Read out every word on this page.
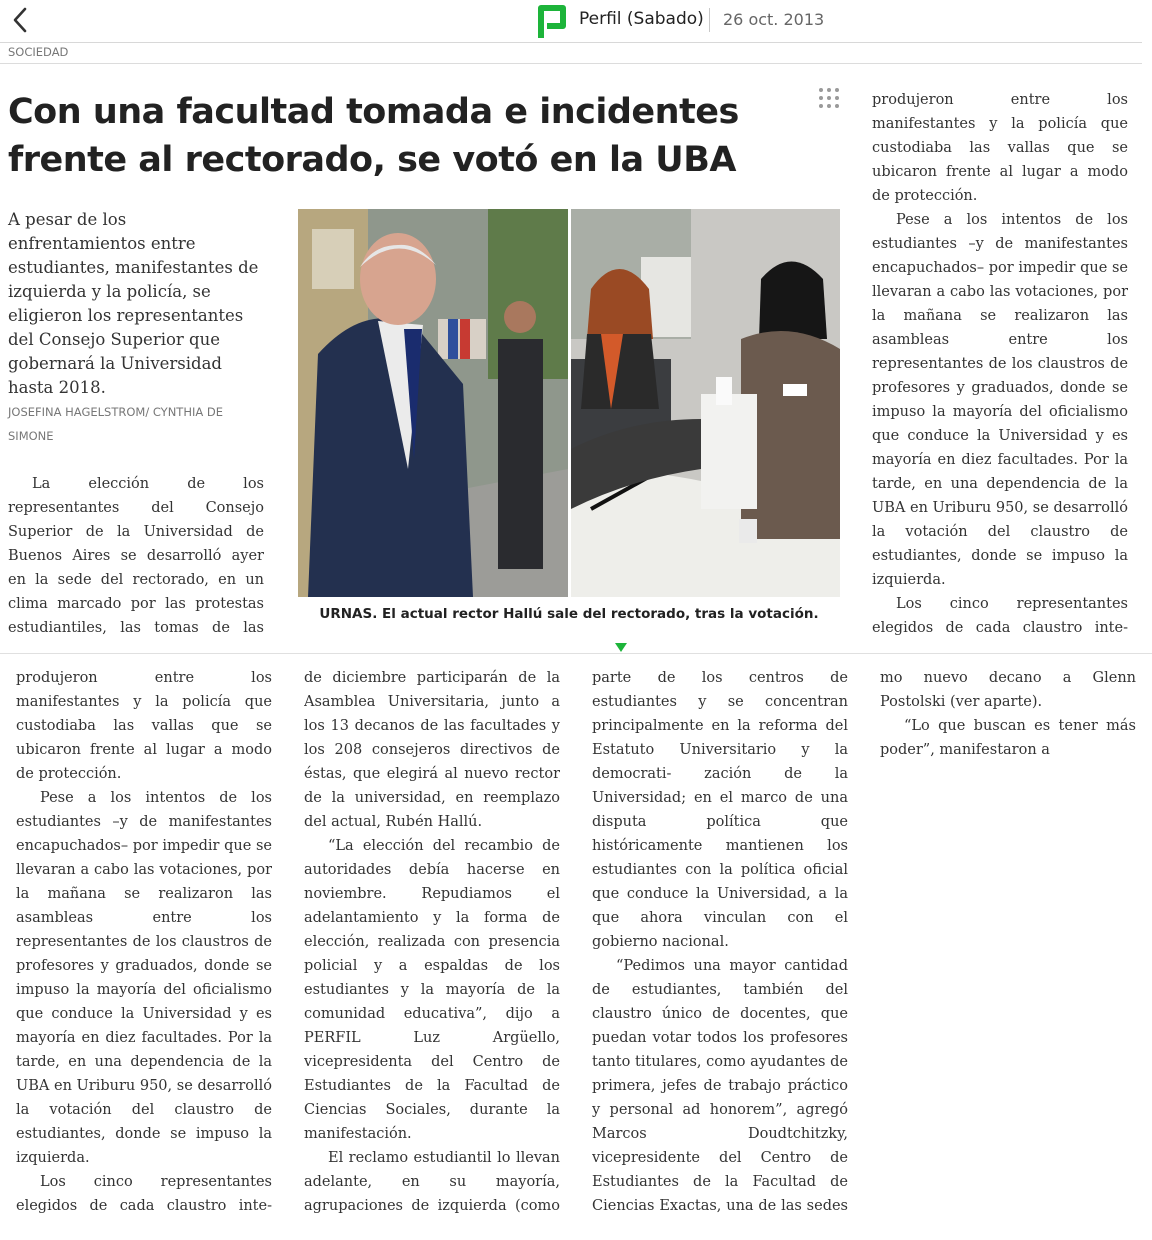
Perfil (Sabado) 26 oct. 2013
SOCIEDAD
Con una facultad tomada e incidentes frente al rectorado, se votó en la UBA

A pesar de los enfrentamientos entre estudiantes, manifestantes de izquierda y la policía, se eligieron los representantes del Consejo Superior que gobernará la Universidad hasta 2018.

JOSEFINA HAGELSTROM/ CYNTHIA DE SIMONE

La elección de los representantes del Consejo Superior de la Universidad de Buenos Aires se desarrolló ayer en la sede del rectorado, en un clima marcado por las protestas estudiantiles, las tomas de las

URNAS. El actual rector Hallú sale del rectorado, tras la votación.

produjeron entre los manifestantes y la policía que custodiaba las vallas que se ubicaron frente al lugar a modo de protección.

Pese a los intentos de los estudiantes –y de manifestantes encapuchados– por impedir que se llevaran a cabo las votaciones, por la mañana se realizaron las asambleas entre los representantes de los claustros de profesores y graduados, donde se impuso la mayoría del oficialismo que conduce la Universidad y es mayoría en diez facultades. Por la tarde, en una dependencia de la UBA en Uriburu 950, se desarrolló la votación del claustro de estudiantes, donde se impuso la izquierda.

Los cinco representantes elegidos de cada claustro inte-

produjeron entre los manifestantes y la policía que custodiaba las vallas que se ubicaron frente al lugar a modo de protección.

Pese a los intentos de los estudiantes –y de manifestantes encapuchados– por impedir que se llevaran a cabo las votaciones, por la mañana se realizaron las asambleas entre los representantes de los claustros de profesores y graduados, donde se impuso la mayoría del oficialismo que conduce la Universidad y es mayoría en diez facultades. Por la tarde, en una dependencia de la UBA en Uriburu 950, se desarrolló la votación del claustro de estudiantes, donde se impuso la izquierda.

Los cinco representantes elegidos de cada claustro inte-

de diciembre participarán de la Asamblea Universitaria, junto a los 13 decanos de las facultades y los 208 consejeros directivos de éstas, que elegirá al nuevo rector de la universidad, en reemplazo del actual, Rubén Hallú.

“La elección del recambio de autoridades debía hacerse en noviembre. Repudiamos el adelantamiento y la forma de elección, realizada con presencia policial y a espaldas de los estudiantes y la mayoría de la comunidad educativa”, dijo a PERFIL Luz Argüello, vicepresidenta del Centro de Estudiantes de la Facultad de Ciencias Sociales, durante la manifestación.

El reclamo estudiantil lo llevan adelante, en su mayoría, agrupaciones de izquierda (como

parte de los centros de estudiantes y se concentran principalmente en la reforma del Estatuto Universitario y la democrati- zación de la Universidad; en el marco de una disputa política que históricamente mantienen los estudiantes con la política oficial que conduce la Universidad, a la que ahora vinculan con el gobierno nacional.

“Pedimos una mayor cantidad de estudiantes, también del claustro único de docentes, que puedan votar todos los profesores tanto titulares, como ayudantes de primera, jefes de trabajo práctico y personal ad honorem”, agregó Marcos Doudtchitzky, vicepresidente del Centro de Estudiantes de la Facultad de Ciencias Exactas, una de las sedes

mo nuevo decano a Glenn Postolski (ver aparte).

“Lo que buscan es tener más poder”, manifestaron a
